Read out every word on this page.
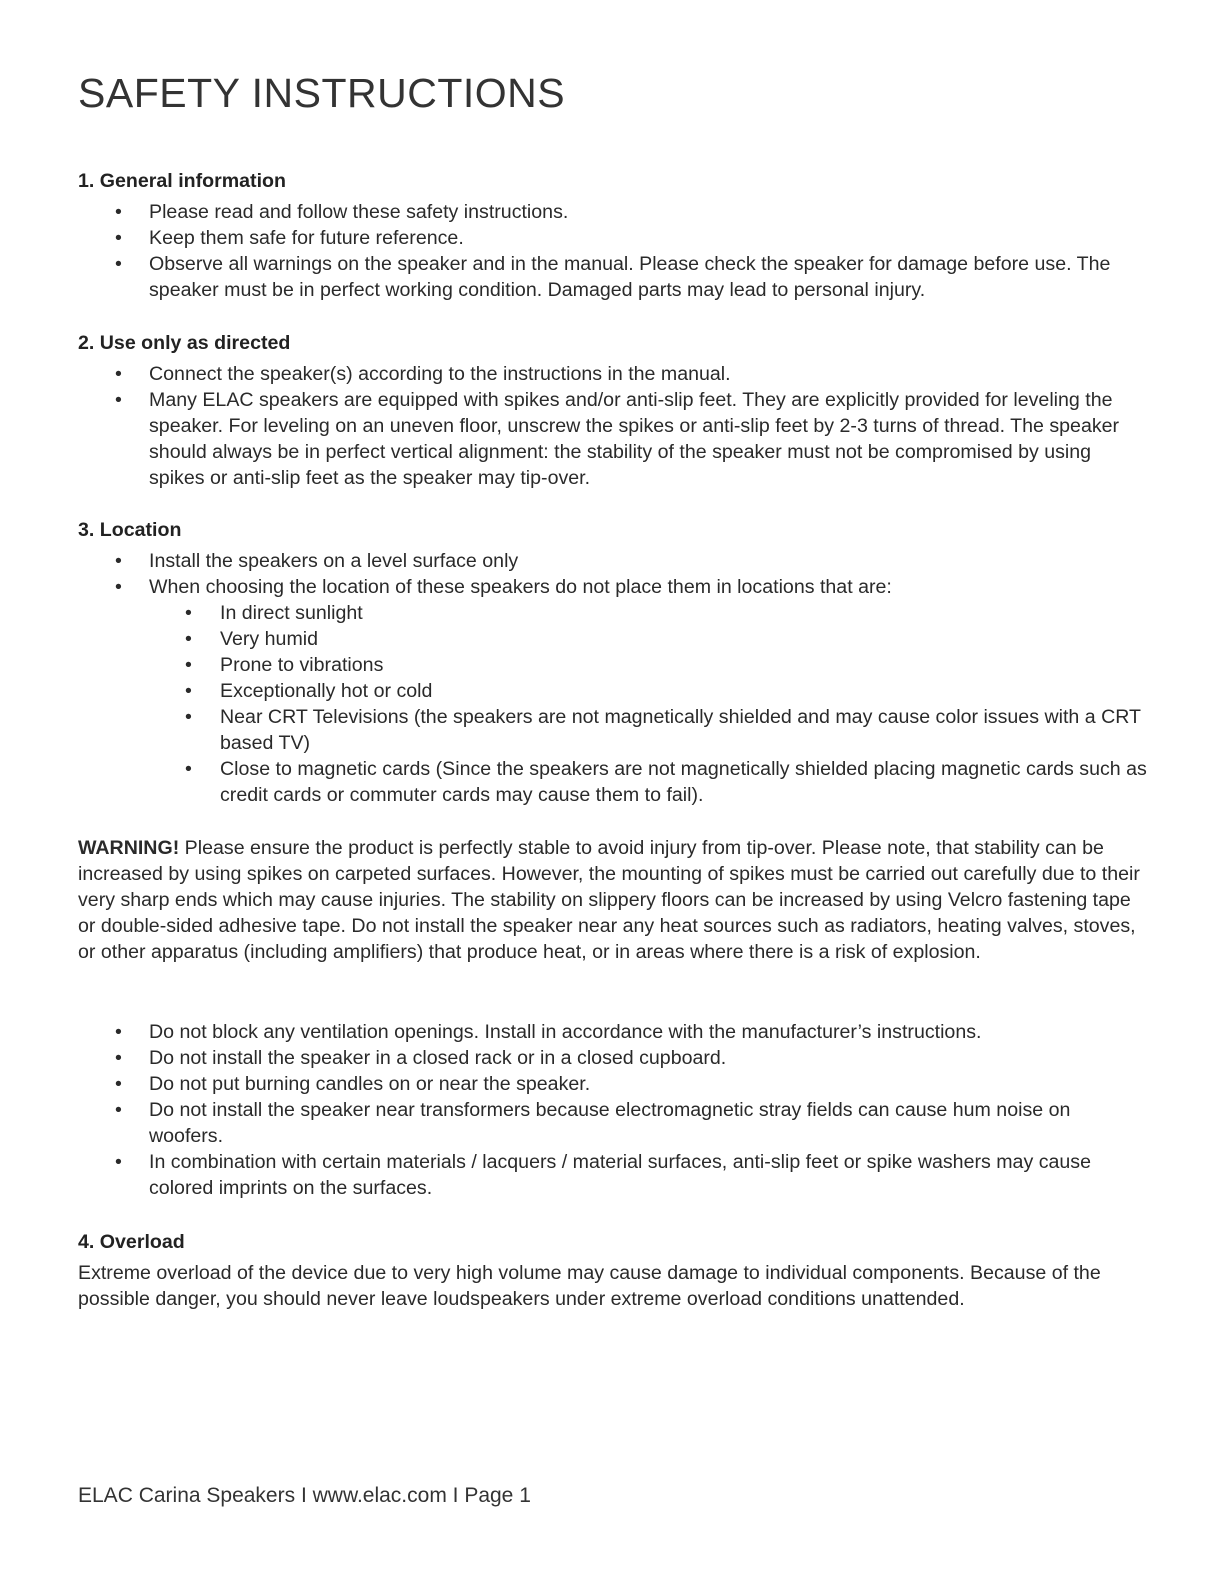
SAFETY INSTRUCTIONS
1. General information
• Please read and follow these safety instructions.
• Keep them safe for future reference.
• Observe all warnings on the speaker and in the manual. Please check the speaker for damage before use. The speaker must be in perfect working condition. Damaged parts may lead to personal injury.
2. Use only as directed
• Connect the speaker(s) according to the instructions in the manual.
• Many ELAC speakers are equipped with spikes and/or anti-slip feet. They are explicitly provided for leveling the speaker. For leveling on an uneven floor, unscrew the spikes or anti-slip feet by 2-3 turns of thread. The speaker should always be in perfect vertical alignment: the stability of the speaker must not be compromised by using spikes or anti-slip feet as the speaker may tip-over.
3. Location
• Install the speakers on a level surface only
• When choosing the location of these speakers do not place them in locations that are:
• In direct sunlight
• Very humid
• Prone to vibrations
• Exceptionally hot or cold
• Near CRT Televisions (the speakers are not magnetically shielded and may cause color issues with a CRT based TV)
• Close to magnetic cards (Since the speakers are not magnetically shielded placing magnetic cards such as credit cards or commuter cards may cause them to fail).

WARNING! Please ensure the product is perfectly stable to avoid injury from tip-over. Please note, that stability can be increased by using spikes on carpeted surfaces. However, the mounting of spikes must be carried out carefully due to their very sharp ends which may cause injuries. The stability on slippery floors can be increased by using Velcro fastening tape or double-sided adhesive tape. Do not install the speaker near any heat sources such as radiators, heating valves, stoves, or other apparatus (including amplifiers) that produce heat, or in areas where there is a risk of explosion.

• Do not block any ventilation openings. Install in accordance with the manufacturer’s instructions.
• Do not install the speaker in a closed rack or in a closed cupboard.
• Do not put burning candles on or near the speaker.
• Do not install the speaker near transformers because electromagnetic stray fields can cause hum noise on woofers.
• In combination with certain materials / lacquers / material surfaces, anti-slip feet or spike washers may cause colored imprints on the surfaces.
4. Overload

Extreme overload of the device due to very high volume may cause damage to individual components. Because of the possible danger, you should never leave loudspeakers under extreme overload conditions unattended.

ELAC Carina Speakers I www.elac.com I Page 1
